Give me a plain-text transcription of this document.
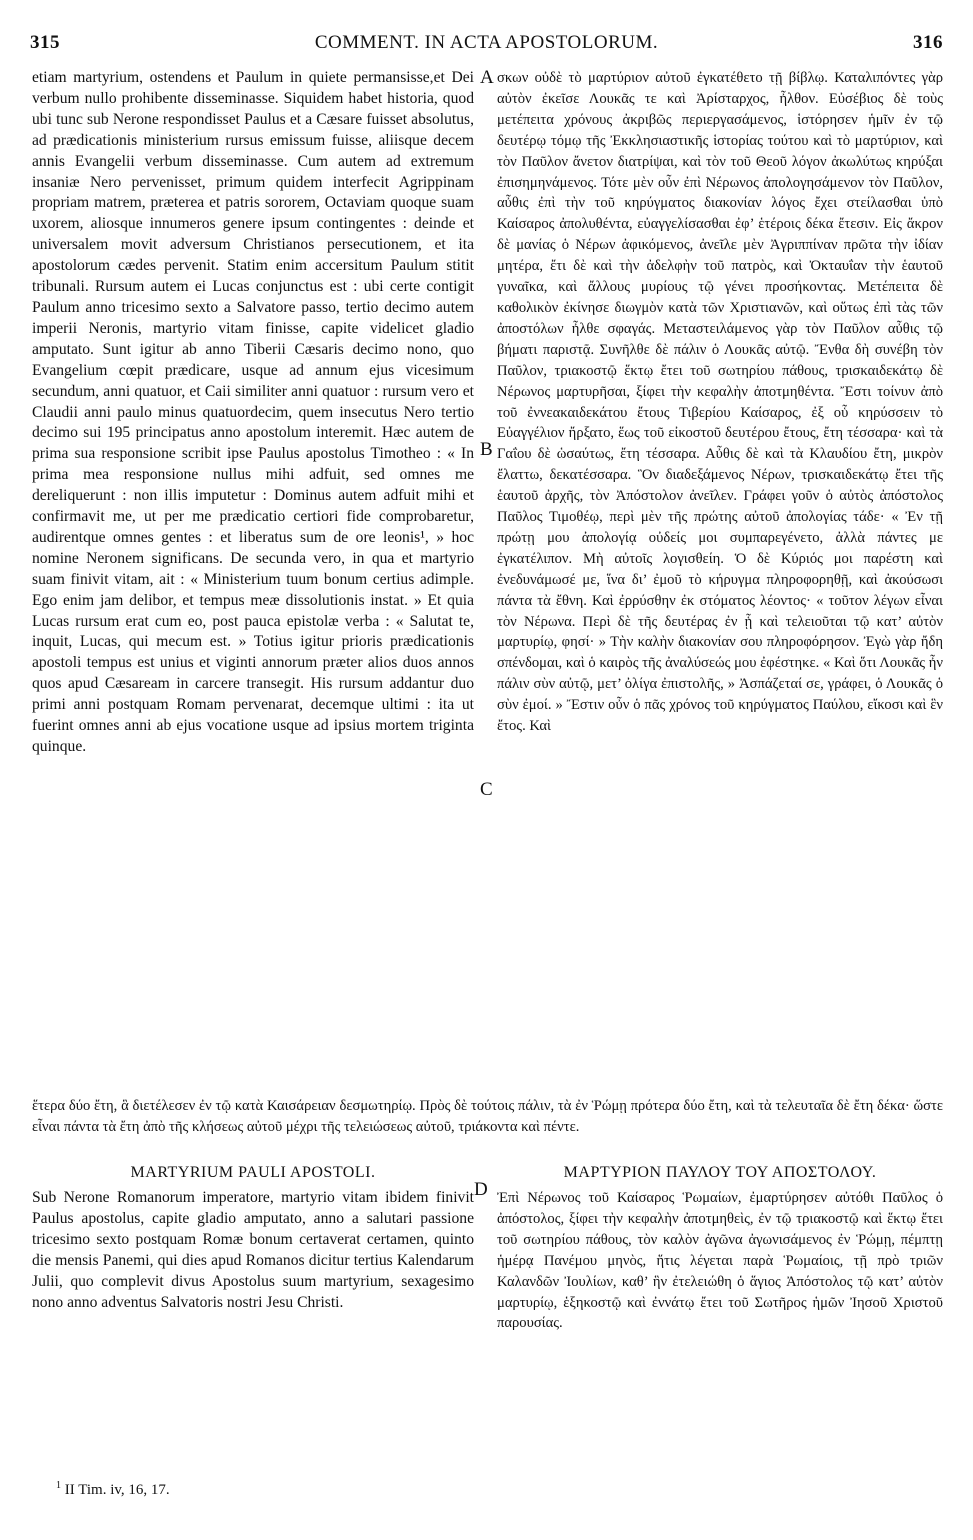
315	COMMENT. IN ACTA APOSTOLORUM.	316
etiam martyrium, ostendens et Paulum in quiete permansisse,et Dei verbum nullo prohibente disseminasse. Siquidem habet historia, quod ubi tunc sub Nerone respondisset Paulus et a Cæsare fuisset absolutus, ad prædicationis ministerium rursus emissum fuisse, aliisque decem annis Evangelii verbum disseminasse. Cum autem ad extremum insaniæ Nero pervenisset, primum quidem interfecit Agrippinam propriam matrem, præterea et patris sororem, Octaviam quoque suam uxorem, aliosque innumeros genere ipsum contingentes : deinde et universalem movit adversum Christianos persecutionem, et ita apostolorum cædes pervenit. Statim enim accersitum Paulum stitit tribunali. Rursum autem ei Lucas conjunctus est : ubi certe contigit Paulum anno tricesimo sexto a Salvatore passo, tertio decimo autem imperii Neronis, martyrio vitam finisse, capite videlicet gladio amputato. Sunt igitur ab anno Tiberii Cæsaris decimo nono, quo Evangelium cœpit prædicare, usque ad annum ejus vicesimum secundum, anni quatuor, et Caii similiter anni quatuor : rursum vero et Claudii anni paulo minus quatuordecim, quem insecutus Nero tertio decimo sui 195 principatus anno apostolum interemit. Hæc autem de prima sua responsione scribit ipse Paulus apostolus Timotheo : « In prima mea responsione nullus mihi adfuit, sed omnes me dereliquerunt : non illis imputetur : Dominus autem adfuit mihi et confirmavit me, ut per me prædicatio certiori fide comprobaretur, audirentque omnes gentes : et liberatus sum de ore leonis¹, » hoc nomine Neronem significans. De secunda vero, in qua et martyrio suam finivit vitam, ait : « Ministerium tuum bonum certius adimple. Ego enim jam delibor, et tempus meæ dissolutionis instat. » Et quia Lucas rursum erat cum eo, post pauca epistolæ verba : « Salutat te, inquit, Lucas, qui mecum est. » Totius igitur prioris prædicationis apostoli tempus est unius et viginti annorum præter alios duos annos quos apud Cæsaream in carcere transegit. His rursum addantur duo primi anni postquam Romam pervenarat, decemque ultimi : ita ut fuerint omnes anni ab ejus vocatione usque ad ipsius mortem triginta quinque.
A
B
C
σκων οὐδὲ τὸ μαρτύριον αὐτοῦ ἐγκατέθετο τῇ βίβλῳ. Καταλιπόντες γὰρ αὐτὸν ἐκεῖσε Λουκᾶς τε καὶ Ἀρίσταρχος, ἦλθον. Εὐσέβιος δὲ τοὺς μετέπειτα χρόνους ἀκριβῶς περιεργασάμενος, ἱστόρησεν ἡμῖν ἐν τῷ δευτέρῳ τόμῳ τῆς Ἐκκλησιαστικῆς ἱστορίας τούτου καὶ τὸ μαρτύριον, καὶ τὸν Παῦλον ἄνετον διατρίψαι, καὶ τὸν τοῦ Θεοῦ λόγον ἀκωλύτως κηρύξαι ἐπισημηνάμενος. Τότε μὲν οὖν ἐπὶ Νέρωνος ἀπολογησάμενον τὸν Παῦλον, αὖθις ἐπὶ τὴν τοῦ κηρύγματος διακονίαν λόγος ἔχει στείλασθαι ὑπὸ Καίσαρος ἀπολυθέντα, εὐαγγελίσασθαι ἐφ’ ἑτέροις δέκα ἔτεσιν. Εἰς ἄκρον δὲ μανίας ὁ Νέρων ἀφικόμενος, ἀνεῖλε μὲν Ἀγριππίναν πρῶτα τὴν ἰδίαν μητέρα, ἔτι δὲ καὶ τὴν ἀδελφὴν τοῦ πατρὸς, καὶ Ὀκταυΐαν τὴν ἑαυτοῦ γυναῖκα, καὶ ἄλλους μυρίους τῷ γένει προσήκοντας. Μετέπειτα δὲ καθολικὸν ἐκίνησε διωγμὸν κατὰ τῶν Χριστιανῶν, καὶ οὕτως ἐπὶ τὰς τῶν ἀποστόλων ἦλθε σφαγάς. Μεταστειλάμενος γὰρ τὸν Παῦλον αὖθις τῷ βήματι παριστᾷ. Συνῆλθε δὲ πάλιν ὁ Λουκᾶς αὐτῷ. Ἔνθα δὴ συνέβη τὸν Παῦλον, τριακοστῷ ἕκτῳ ἔτει τοῦ σωτηρίου πάθους, τρισκαιδεκάτῳ δὲ Νέρωνος μαρτυρῆσαι, ξίφει τὴν κεφαλὴν ἀποτμηθέντα. Ἔστι τοίνυν ἀπὸ τοῦ ἐννεακαιδεκάτου ἔτους Τιβερίου Καίσαρος, ἐξ οὗ κηρύσσειν τὸ Εὐαγγέλιον ἤρξατο, ἕως τοῦ εἰκοστοῦ δευτέρου ἔτους, ἔτη τέσσαρα· καὶ τὰ Γαΐου δὲ ὡσαύτως, ἔτη τέσσαρα. Αὖθις δὲ καὶ τὰ Κλαυδίου ἔτη, μικρὸν ἔλαττω, δεκατέσσαρα. Ὃν διαδεξάμενος Νέρων, τρισκαιδεκάτῳ ἔτει τῆς ἑαυτοῦ ἀρχῆς, τὸν Ἀπόστολον ἀνεῖλεν. Γράφει γοῦν ὁ αὐτὸς ἀπόστολος Παῦλος Τιμοθέῳ, περὶ μὲν τῆς πρώτης αὐτοῦ ἀπολογίας τάδε· « Ἐν τῇ πρώτῃ μου ἀπολογίᾳ οὐδείς μοι συμπαρεγένετο, ἀλλὰ πάντες με ἐγκατέλιπον. Μὴ αὐτοῖς λογισθείη. Ὁ δὲ Κύριός μοι παρέστη καὶ ἐνεδυνάμωσέ με, ἵνα δι’ ἐμοῦ τὸ κήρυγμα πληροφορηθῇ, καὶ ἀκούσωσι πάντα τὰ ἔθνη. Καὶ ἐρρύσθην ἐκ στόματος λέοντος· « τοῦτον λέγων εἶναι τὸν Νέρωνα. Περὶ δὲ τῆς δευτέρας ἐν ᾗ καὶ τελειοῦται τῷ κατ’ αὐτὸν μαρτυρίῳ, φησί· » Τὴν καλὴν διακονίαν σου πληροφόρησον. Ἐγὼ γὰρ ἤδη σπένδομαι, καὶ ὁ καιρὸς τῆς ἀναλύσεώς μου ἐφέστηκε. « Καὶ ὅτι Λουκᾶς ἦν πάλιν σὺν αὐτῷ, μετ’ ὀλίγα ἐπιστολῆς, » Ἀσπάζεταί σε, γράφει, ὁ Λουκᾶς ὁ σὺν ἐμοί. » Ἔστιν οὖν ὁ πᾶς χρόνος τοῦ κηρύγματος Παύλου, εἴκοσι καὶ ἓν ἔτος. Καὶ
ἕτερα δύο ἔτη, ἃ διετέλεσεν ἐν τῷ κατὰ Καισάρειαν δεσμωτηρίῳ. Πρὸς δὲ τούτοις πάλιν, τὰ ἐν Ῥώμῃ πρότερα δύο ἔτη, καὶ τὰ τελευταῖα δὲ ἔτη δέκα· ὥστε εἶναι πάντα τὰ ἔτη ἀπὸ τῆς κλήσεως αὐτοῦ μέχρι τῆς τελειώσεως αὐτοῦ, τριάκοντα καὶ πέντε.
MARTYRIUM PAULI APOSTOLI.	ΜΑΡΤΥΡΙΟΝ ΠΑΥΛΟΥ ΤΟΥ ΑΠΟΣΤΟΛΟΥ.
D
Sub Nerone Romanorum imperatore, martyrio vitam ibidem finivit Paulus apostolus, capite gladio amputato, anno a salutari passione tricesimo sexto postquam Romæ bonum certaverat certamen, quinto die mensis Panemi, qui dies apud Romanos dicitur tertius Kalendarum Julii, quo complevit divus Apostolus suum martyrium, sexagesimo nono anno adventus Salvatoris nostri Jesu Christi.
Ἐπὶ Νέρωνος τοῦ Καίσαρος Ῥωμαίων, ἐμαρτύρησεν αὐτόθι Παῦλος ὁ ἀπόστολος, ξίφει τὴν κεφαλὴν ἀποτμηθεὶς, ἐν τῷ τριακοστῷ καὶ ἕκτῳ ἔτει τοῦ σωτηρίου πάθους, τὸν καλὸν ἀγῶνα ἀγωνισάμενος ἐν Ῥώμῃ, πέμπτῃ ἡμέρᾳ Πανέμου μηνὸς, ἥτις λέγεται παρὰ Ῥωμαίοις, τῇ πρὸ τριῶν Καλανδῶν Ἰουλίων, καθ’ ἣν ἐτελειώθη ὁ ἅγιος Ἀπόστολος τῷ κατ’ αὐτὸν μαρτυρίῳ, ἑξηκοστῷ καὶ ἐννάτῳ ἔτει τοῦ Σωτῆρος ἡμῶν Ἰησοῦ Χριστοῦ παρουσίας.
$^1$ II Tim. iv, 16, 17.
